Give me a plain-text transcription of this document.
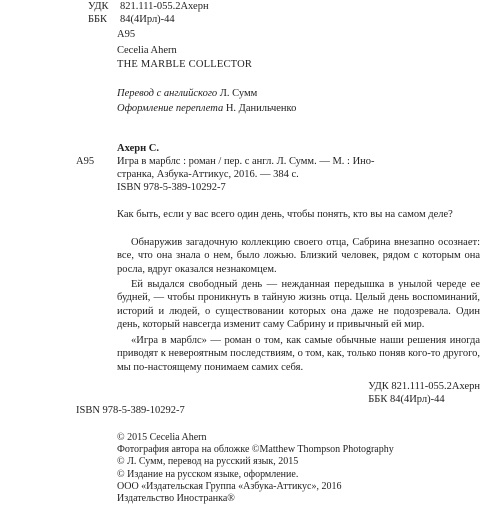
УДК 821.111-055.2Ахерн
ББК 84(4Ирл)-44
А95
Cecelia Ahern
THE MARBLE COLLECTOR
Перевод с английского Л. Сумм
Оформление переплета Н. Данильченко
Ахерн С.
А95 Игра в марблс : роман / пер. с англ. Л. Сумм. — М. : Ино-
странка, Азбука-Аттикус, 2016. — 384 с.
ISBN 978-5-389-10292-7

Как быть, если у вас всего один день, чтобы понять, кто вы на самом деле?

Обнаружив загадочную коллекцию своего отца, Сабрина внезапно осознает: все, что она знала о нем, было ложью. Близкий человек, рядом с которым она росла, вдруг оказался незнакомцем.

Ей выдался свободный день — нежданная передышка в унылой череде ее будней, — чтобы проникнуть в тайную жизнь отца. Целый день воспоминаний, историй и людей, о существовании которых она даже не подозревала. Один день, который навсегда изменит саму Сабрину и привычный ей мир.

«Игра в марблс» — роман о том, как самые обычные наши решения иногда приводят к невероятным последствиям, о том, как, только поняв кого-то другого, мы по-настоящему понимаем самих себя.

УДК 821.111-055.2Ахерн
ББК 84(4Ирл)-44
ISBN 978-5-389-10292-7
© 2015 Cecelia Ahern
Фотография автора на обложке ©Matthew Thompson Photography
© Л. Сумм, перевод на русский язык, 2015
© Издание на русском языке, оформление.
ООО «Издательская Группа «Азбука-Аттикус», 2016
Издательство Иностранка®
